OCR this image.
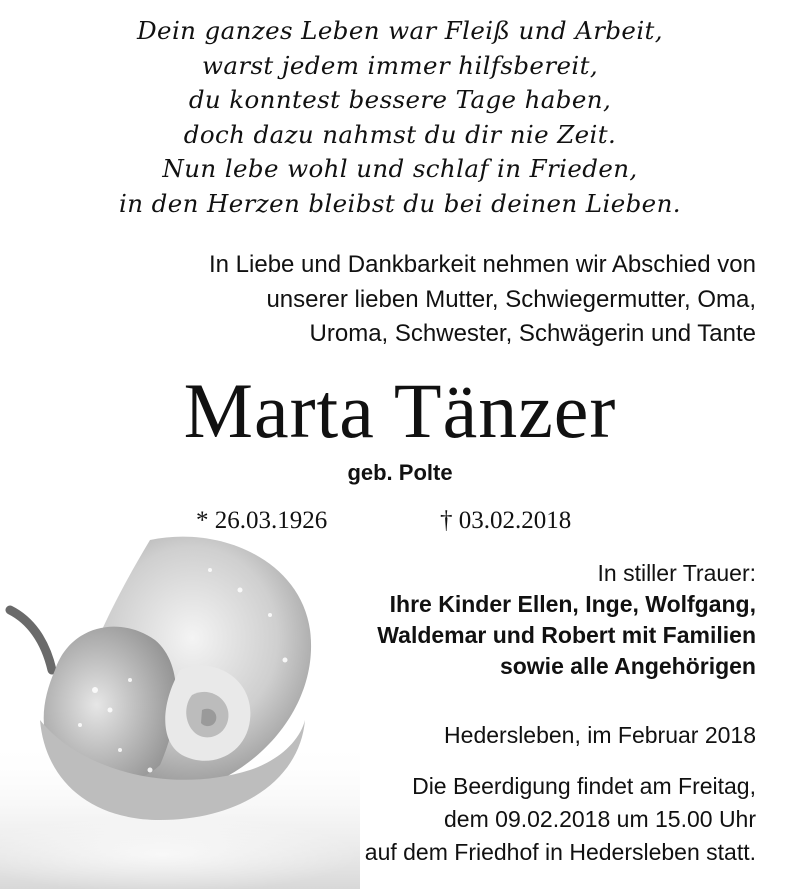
Dein ganzes Leben war Fleiß und Arbeit,
warst jedem immer hilfsbereit,
du konntest bessere Tage haben,
doch dazu nahmst du dir nie Zeit.
Nun lebe wohl und schlaf in Frieden,
in den Herzen bleibst du bei deinen Lieben.
In Liebe und Dankbarkeit nehmen wir Abschied von
unserer lieben Mutter, Schwiegermutter, Oma,
Uroma, Schwester, Schwägerin und Tante
Marta Tänzer
geb. Polte
* 26.03.1926	† 03.02.2018
In stiller Trauer:
Ihre Kinder Ellen, Inge, Wolfgang,
Waldemar und Robert mit Familien
sowie alle Angehörigen
Hedersleben, im Februar 2018
Die Beerdigung findet am Freitag,
dem 09.02.2018 um 15.00 Uhr
auf dem Friedhof in Hedersleben statt.
